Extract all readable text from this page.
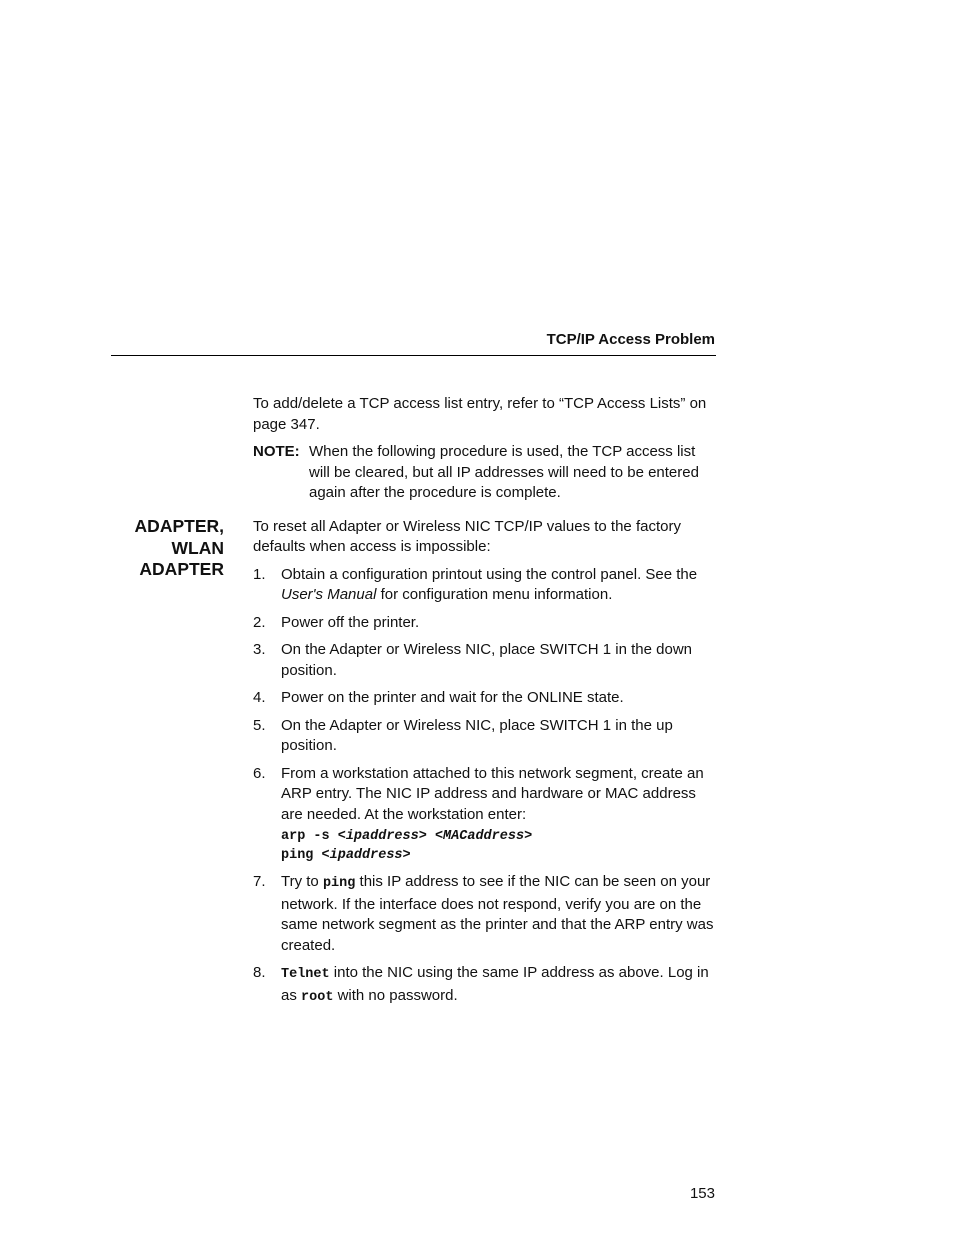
TCP/IP Access Problem
ADAPTER,
WLAN
ADAPTER

To add/delete a TCP access list entry, refer to “TCP Access Lists” on page 347.

NOTE: When the following procedure is used, the TCP access list will be cleared, but all IP addresses will need to be entered again after the procedure is complete.

To reset all Adapter or Wireless NIC TCP/IP values to the factory defaults when access is impossible:

1. Obtain a configuration printout using the control panel. See the User's Manual for configuration menu information.
2. Power off the printer.
3. On the Adapter or Wireless NIC, place SWITCH 1 in the down position.
4. Power on the printer and wait for the ONLINE state.
5. On the Adapter or Wireless NIC, place SWITCH 1 in the up position.
6. From a workstation attached to this network segment, create an ARP entry. The NIC IP address and hardware or MAC address are needed. At the workstation enter:
arp -s <ipaddress> <MACaddress>
ping <ipaddress>
7. Try to ping this IP address to see if the NIC can be seen on your network. If the interface does not respond, verify you are on the same network segment as the printer and that the ARP entry was created.
8. Telnet into the NIC using the same IP address as above. Log in as root with no password.
153
